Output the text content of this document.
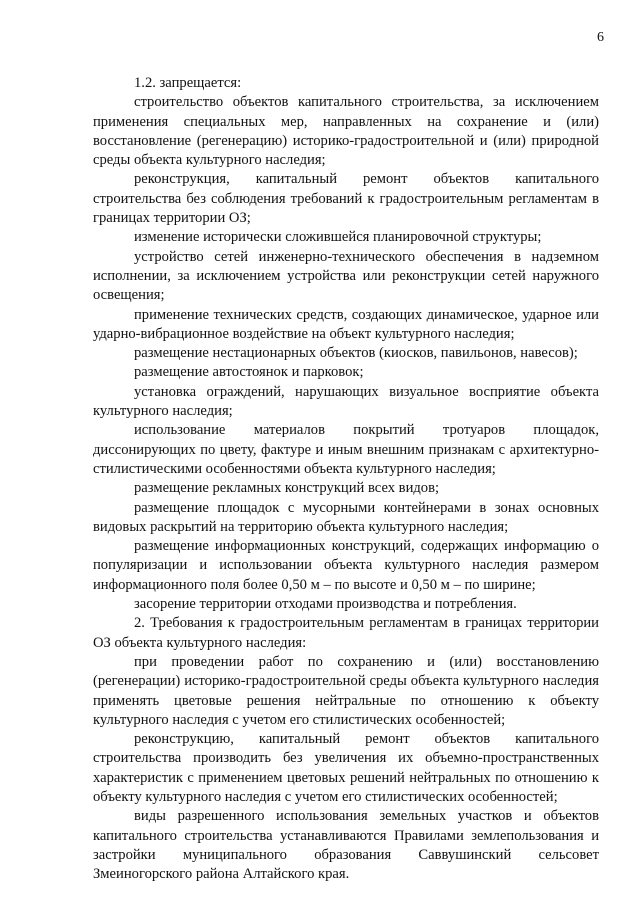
6

1.2. запрещается:

строительство объектов капитального строительства, за исключением применения специальных мер, направленных на сохранение и (или) восстановление (регенерацию) историко-градостроительной и (или) природной среды объекта культурного наследия;

реконструкция, капитальный ремонт объектов капитального строительства без соблюдения требований к градостроительным регламентам в границах территории ОЗ;

изменение исторически сложившейся планировочной структуры;

устройство сетей инженерно-технического обеспечения в надземном исполнении, за исключением устройства или реконструкции сетей наружного освещения;

применение технических средств, создающих динамическое, ударное или ударно-вибрационное воздействие на объект культурного наследия;

размещение нестационарных объектов (киосков, павильонов, навесов);

размещение автостоянок и парковок;

установка ограждений, нарушающих визуальное восприятие объекта культурного наследия;

использование материалов покрытий тротуаров площадок, диссонирующих по цвету, фактуре и иным внешним признакам с архитектурно-стилистическими особенностями объекта культурного наследия;

размещение рекламных конструкций всех видов;

размещение площадок с мусорными контейнерами в зонах основных видовых раскрытий на территорию объекта культурного наследия;

размещение информационных конструкций, содержащих информацию о популяризации и использовании объекта культурного наследия размером информационного поля более 0,50 м – по высоте и 0,50 м – по ширине;

засорение территории отходами производства и потребления.

2. Требования к градостроительным регламентам в границах территории ОЗ объекта культурного наследия:

при проведении работ по сохранению и (или) восстановлению (регенерации) историко-градостроительной среды объекта культурного наследия применять цветовые решения нейтральные по отношению к объекту культурного наследия с учетом его стилистических особенностей;

реконструкцию, капитальный ремонт объектов капитального строительства производить без увеличения их объемно-пространственных характеристик с применением цветовых решений нейтральных по отношению к объекту культурного наследия с учетом его стилистических особенностей;

виды разрешенного использования земельных участков и объектов капитального строительства устанавливаются Правилами землепользования и застройки муниципального образования Саввушинский сельсовет Змеиногорского района Алтайского края.
